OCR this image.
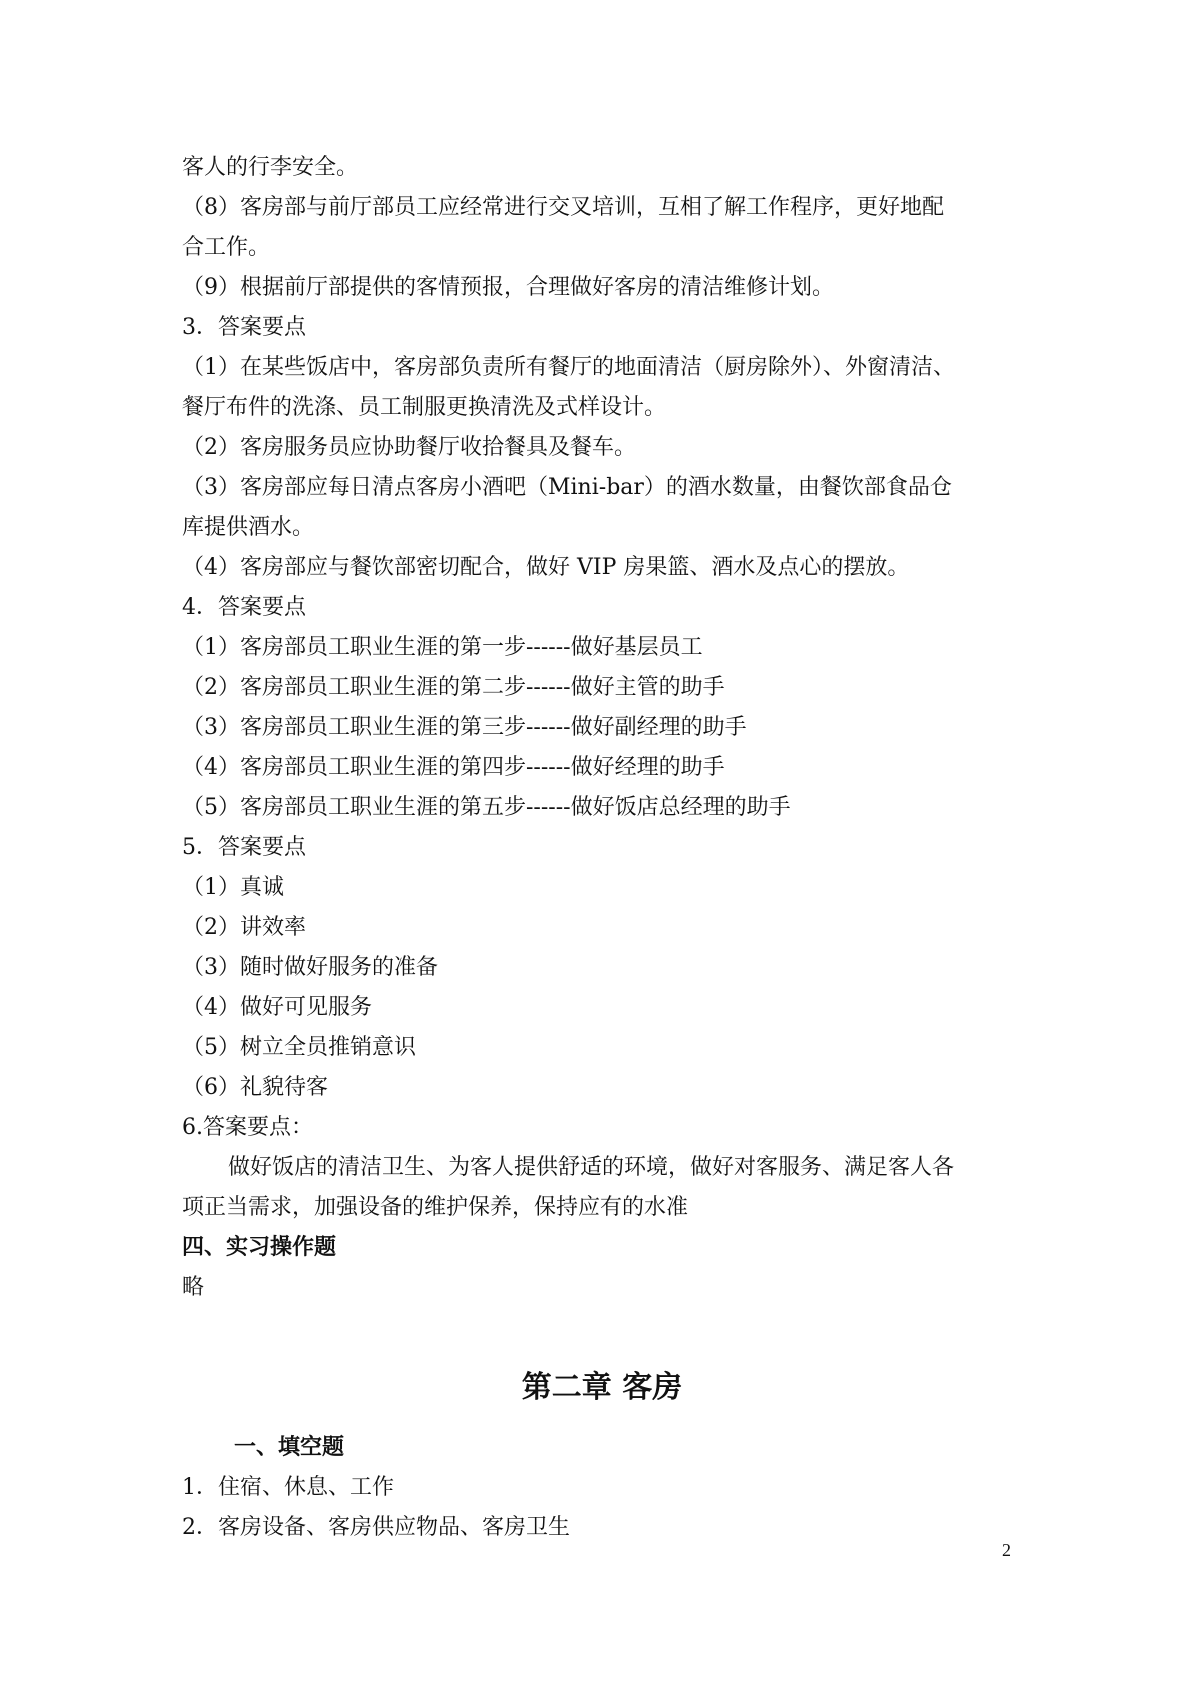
客人的行李安全。

（8）客房部与前厅部员工应经常进行交叉培训，互相了解工作程序，更好地配

合工作。

（9）根据前厅部提供的客情预报，合理做好客房的清洁维修计划。

3．答案要点

（1）在某些饭店中，客房部负责所有餐厅的地面清洁（厨房除外）、外窗清洁、

餐厅布件的洗涤、员工制服更换清洗及式样设计。

（2）客房服务员应协助餐厅收拾餐具及餐车。

（3）客房部应每日清点客房小酒吧（Mini-bar）的酒水数量，由餐饮部食品仓

库提供酒水。

（4）客房部应与餐饮部密切配合，做好 VIP 房果篮、酒水及点心的摆放。

4．答案要点

（1）客房部员工职业生涯的第一步------做好基层员工

（2）客房部员工职业生涯的第二步------做好主管的助手

（3）客房部员工职业生涯的第三步------做好副经理的助手

（4）客房部员工职业生涯的第四步------做好经理的助手

（5）客房部员工职业生涯的第五步------做好饭店总经理的助手

5．答案要点

（1）真诚

（2）讲效率

（3）随时做好服务的准备

（4）做好可见服务

（5）树立全员推销意识

（6）礼貌待客

6.答案要点：

做好饭店的清洁卫生、为客人提供舒适的环境，做好对客服务、满足客人各

项正当需求，加强设备的维护保养，保持应有的水准

四、实习操作题

略

第二章 客房
一、填空题

1．住宿、休息、工作

2．客房设备、客房供应物品、客房卫生

2
